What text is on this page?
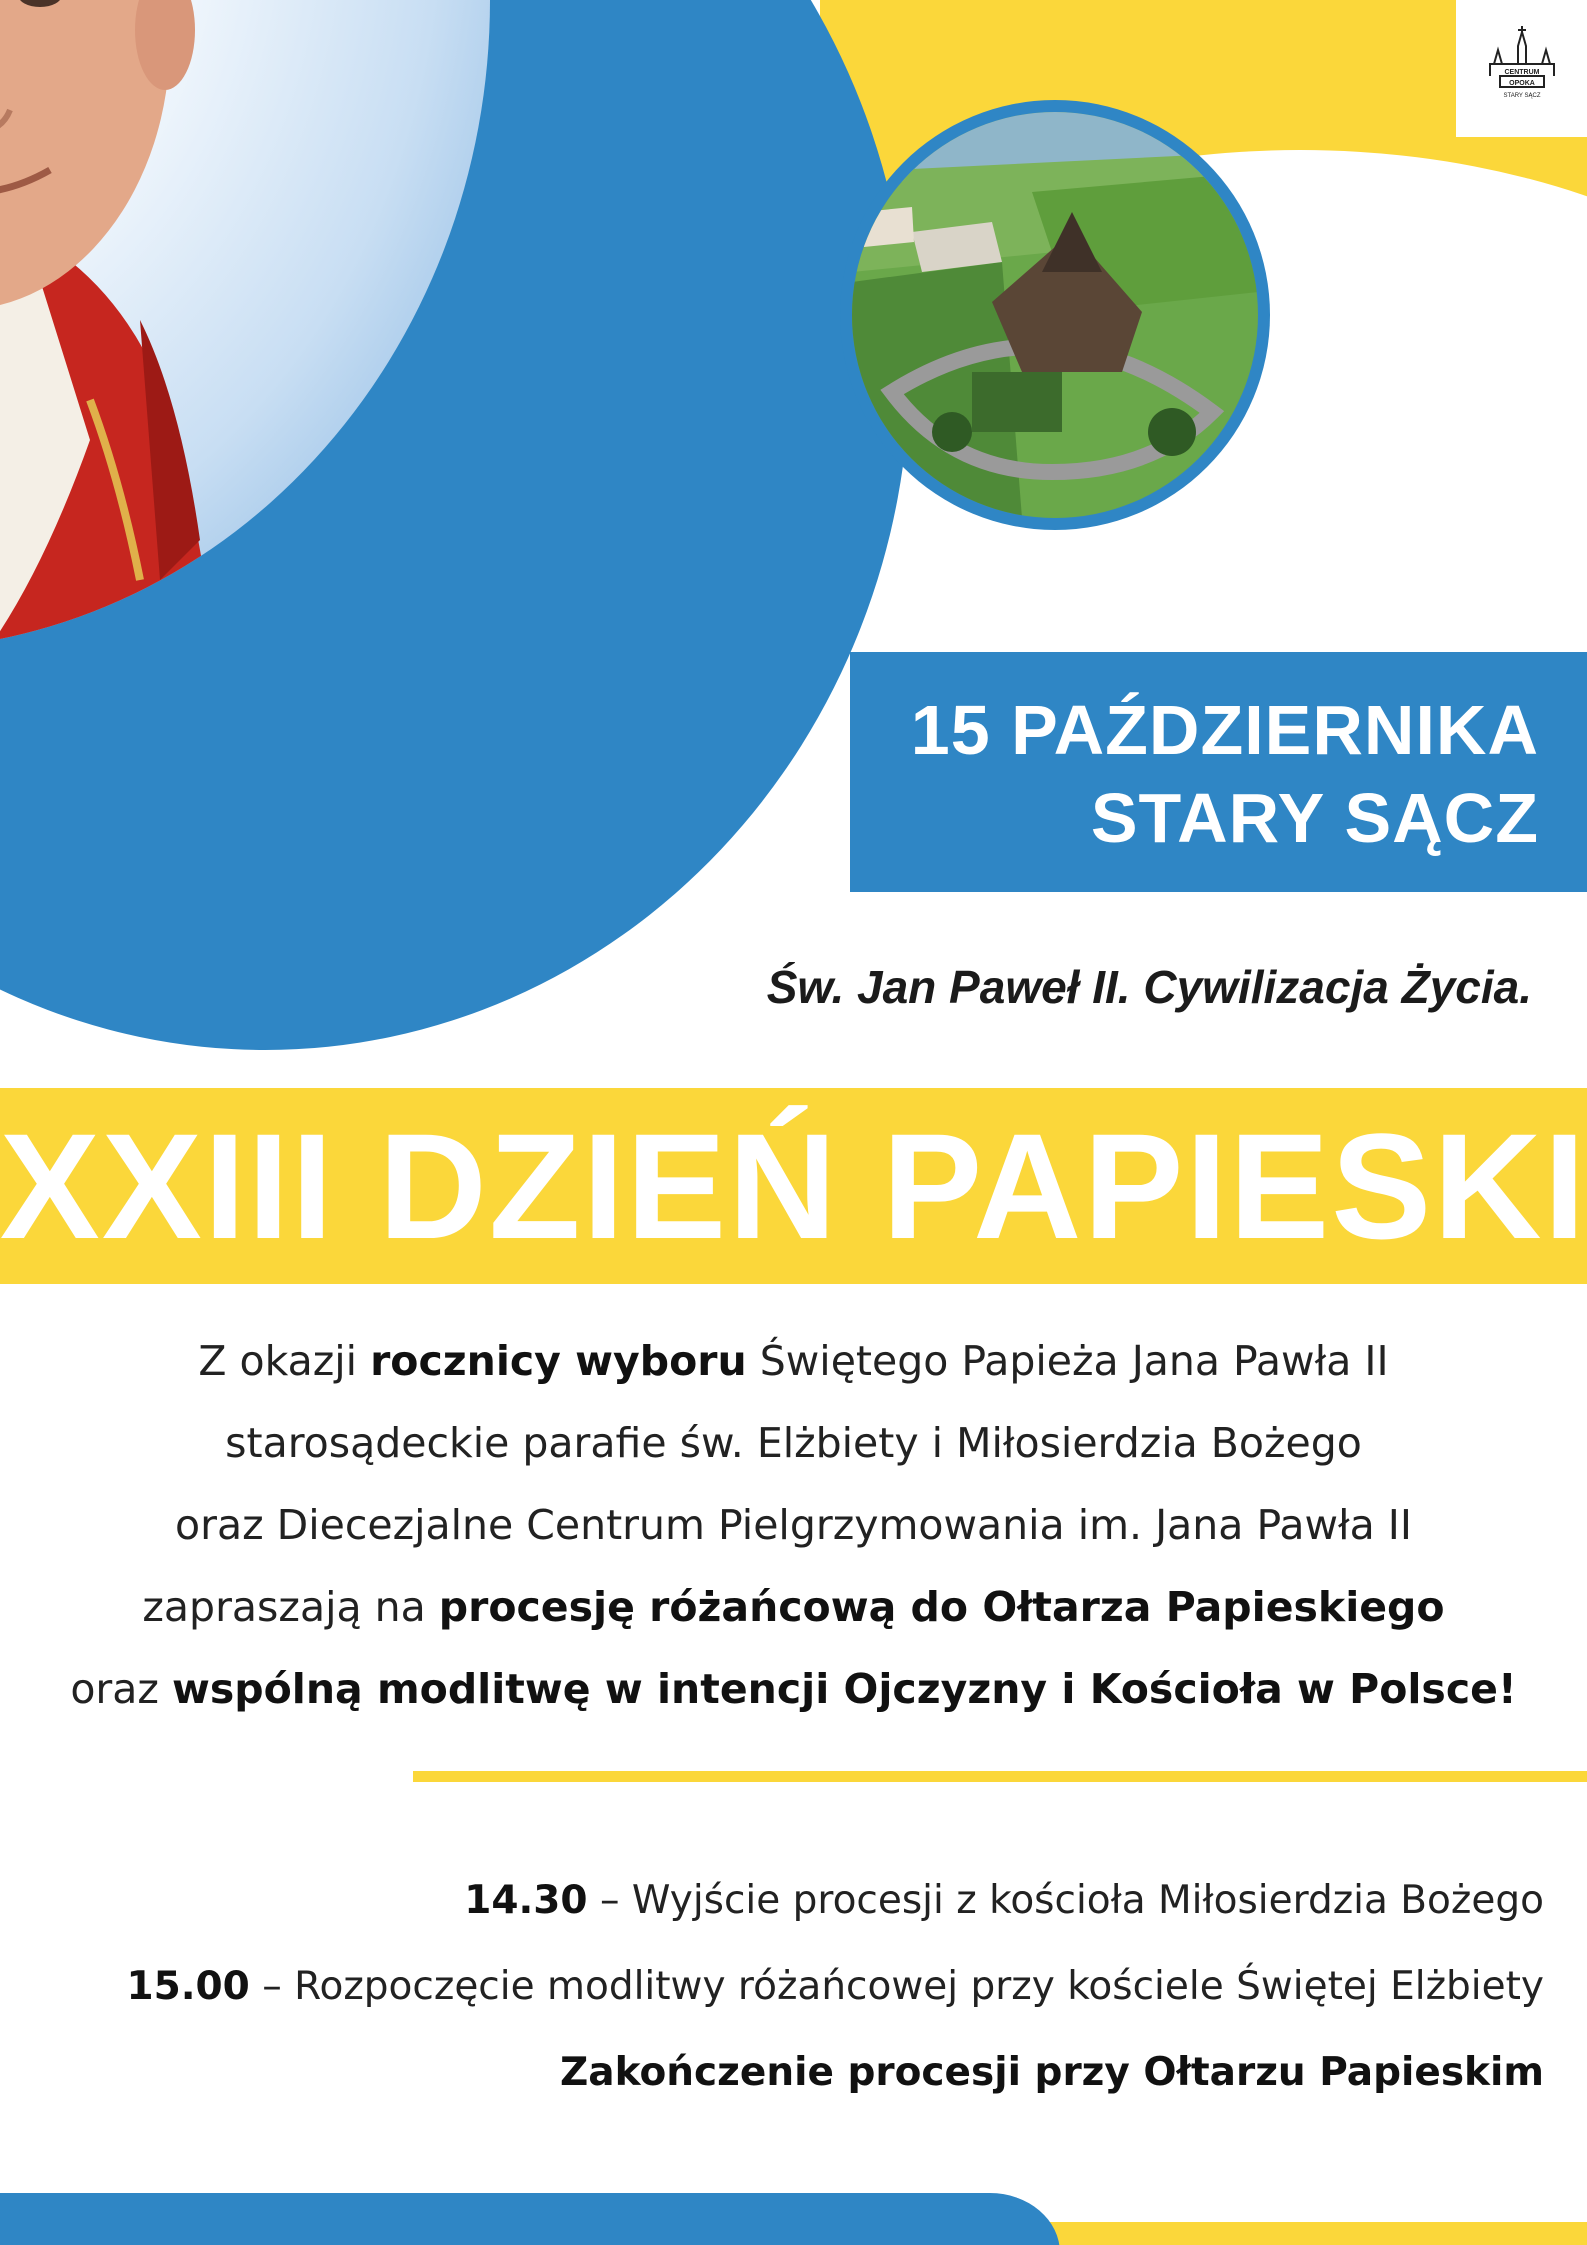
CENTRUM
OPOKA
STARY SĄCZ
15 PAŹDZIERNIKA
STARY SĄCZ
Św. Jan Paweł II. Cywilizacja Życia.
XXIII DZIEŃ PAPIESKI
Z okazji rocznicy wyboru Świętego Papieża Jana Pawła II
starosądeckie parafie św. Elżbiety i Miłosierdzia Bożego
oraz Diecezjalne Centrum Pielgrzymowania im. Jana Pawła II
zapraszają na procesję różańcową do Ołtarza Papieskiego
oraz wspólną modlitwę w intencji Ojczyzny i Kościoła w Polsce!
14.30 – Wyjście procesji z kościoła Miłosierdzia Bożego
15.00 – Rozpoczęcie modlitwy różańcowej przy kościele Świętej Elżbiety
Zakończenie procesji przy Ołtarzu Papieskim
